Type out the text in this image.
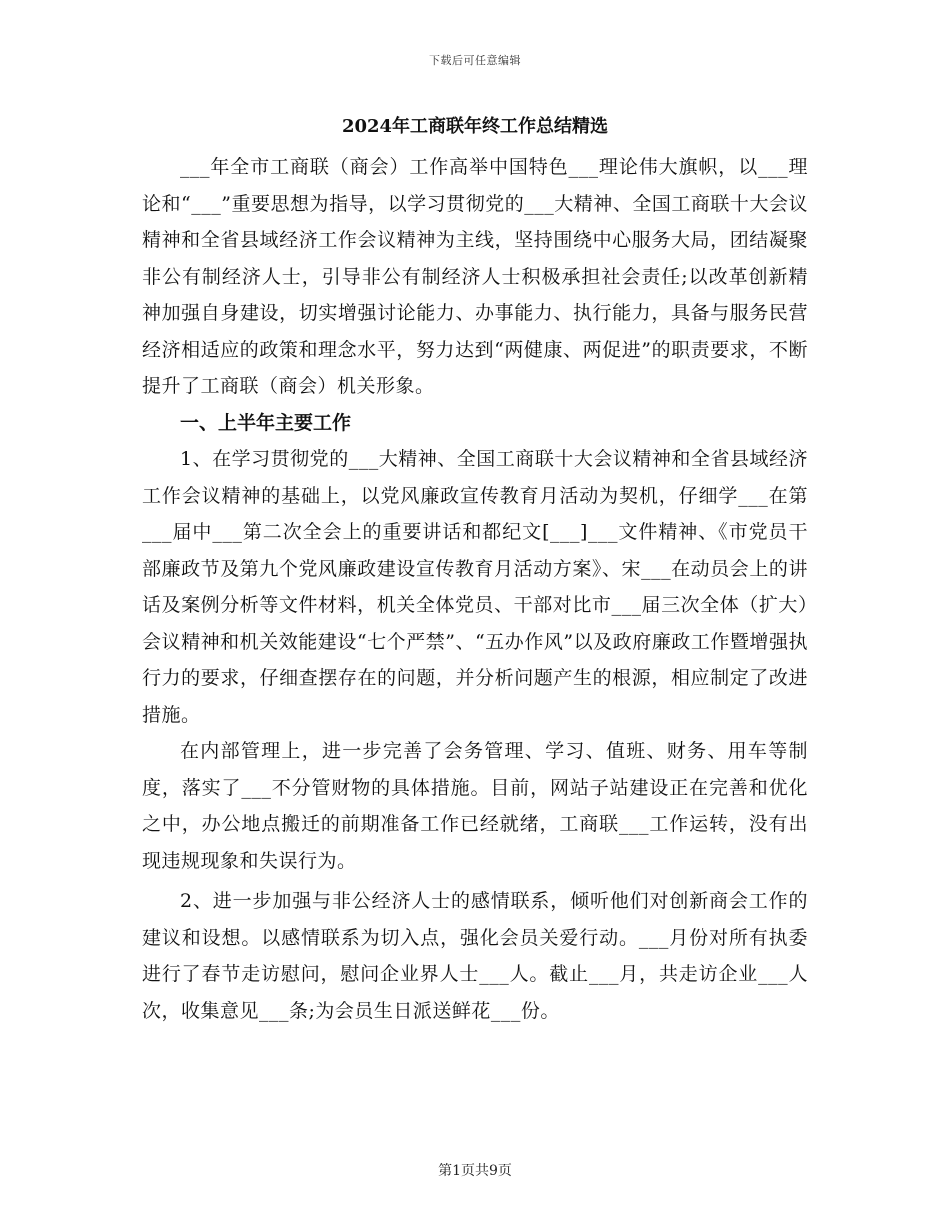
下载后可任意编辑
2024年工商联年终工作总结精选

___年全市工商联（商会）工作高举中国特色___理论伟大旗帜，以___理论和“___”重要思想为指导，以学习贯彻党的___大精神、全国工商联十大会议精神和全省县域经济工作会议精神为主线，坚持围绕中心服务大局，团结凝聚非公有制经济人士，引导非公有制经济人士积极承担社会责任;以改革创新精神加强自身建设，切实增强讨论能力、办事能力、执行能力，具备与服务民营经济相适应的政策和理念水平，努力达到“两健康、两促进”的职责要求，不断提升了工商联（商会）机关形象。

一、上半年主要工作

1、在学习贯彻党的___大精神、全国工商联十大会议精神和全省县域经济工作会议精神的基础上，以党风廉政宣传教育月活动为契机，仔细学___在第___届中___第二次全会上的重要讲话和都纪文[___]___文件精神、《市党员干部廉政节及第九个党风廉政建设宣传教育月活动方案》、宋___在动员会上的讲话及案例分析等文件材料，机关全体党员、干部对比市___届三次全体（扩大）会议精神和机关效能建设“七个严禁”、“五办作风”以及政府廉政工作暨增强执行力的要求，仔细查摆存在的问题，并分析问题产生的根源，相应制定了改进措施。

在内部管理上，进一步完善了会务管理、学习、值班、财务、用车等制度，落实了___不分管财物的具体措施。目前，网站子站建设正在完善和优化之中，办公地点搬迁的前期准备工作已经就绪，工商联___工作运转，没有出现违规现象和失误行为。

2、进一步加强与非公经济人士的感情联系，倾听他们对创新商会工作的建议和设想。以感情联系为切入点，强化会员关爱行动。___月份对所有执委进行了春节走访慰问，慰问企业界人士___人。截止___月，共走访企业___人次，收集意见___条;为会员生日派送鲜花___份。

第1页共9页
